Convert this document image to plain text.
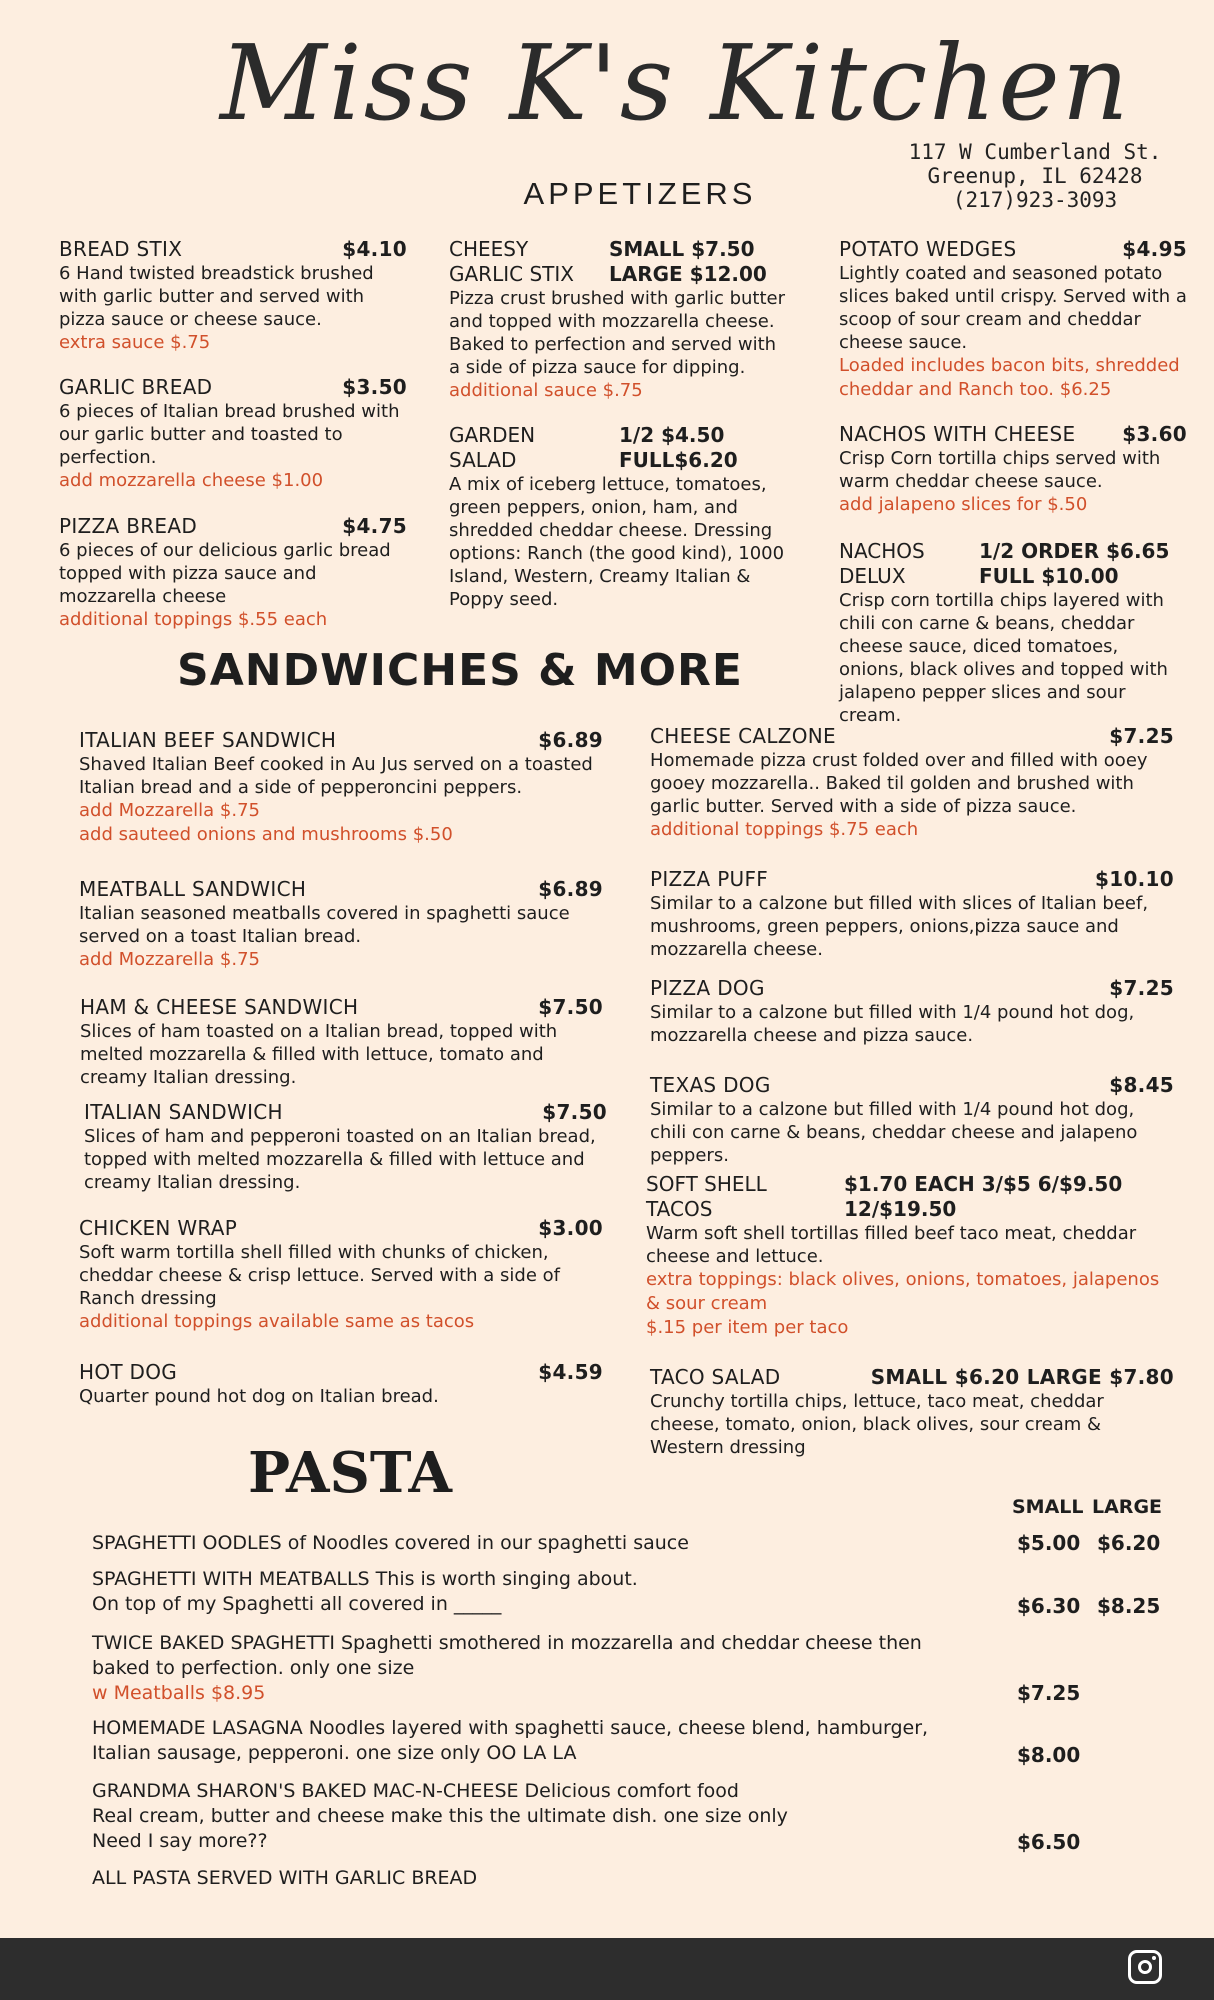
Miss K's Kitchen
117 W Cumberland St.
Greenup, IL 62428
(217)923-3093
APPETIZERS
BREAD STIX	$4.10
6 Hand twisted breadstick brushed with garlic butter and served with pizza sauce or cheese sauce.
extra sauce $.75
GARLIC BREAD	$3.50
6 pieces of Italian bread brushed with our garlic butter and toasted to perfection.
add mozzarella cheese $1.00
PIZZA BREAD	$4.75
6 pieces of our delicious garlic bread topped with pizza sauce and mozzarella cheese
additional toppings $.55 each
CHEESY	SMALL $7.50
GARLIC STIX	LARGE $12.00
Pizza crust brushed with garlic butter and topped with mozzarella cheese. Baked to perfection and served with a side of pizza sauce for dipping.
additional sauce $.75
GARDEN	1/2 $4.50
SALAD	FULL$6.20
A mix of iceberg lettuce, tomatoes, green peppers, onion, ham, and shredded cheddar cheese. Dressing options: Ranch (the good kind), 1000 Island, Western, Creamy Italian & Poppy seed.
POTATO WEDGES	$4.95
Lightly coated and seasoned potato slices baked until crispy. Served with a scoop of sour cream and cheddar cheese sauce.
Loaded includes bacon bits, shredded cheddar and Ranch too. $6.25
NACHOS WITH CHEESE $3.60
Crisp Corn tortilla chips served with warm cheddar cheese sauce.
add jalapeno slices for $.50
NACHOS	1/2 ORDER $6.65
DELUX	FULL $10.00
Crisp corn tortilla chips layered with chili con carne & beans, cheddar cheese sauce, diced tomatoes, onions, black olives and topped with jalapeno pepper slices and sour cream.
SANDWICHES & MORE
ITALIAN BEEF SANDWICH	$6.89
Shaved Italian Beef cooked in Au Jus served on a toasted Italian bread and a side of pepperoncini peppers.
add Mozzarella $.75
add sauteed onions and mushrooms $.50
MEATBALL SANDWICH	$6.89
Italian seasoned meatballs covered in spaghetti sauce served on a toast Italian bread.
add Mozzarella $.75
HAM & CHEESE SANDWICH	$7.50
Slices of ham toasted on a Italian bread, topped with melted mozzarella & filled with lettuce, tomato and creamy Italian dressing.
ITALIAN SANDWICH	$7.50
Slices of ham and pepperoni toasted on an Italian bread, topped with melted mozzarella & filled with lettuce and creamy Italian dressing.
CHICKEN WRAP	$3.00
Soft warm tortilla shell filled with chunks of chicken, cheddar cheese & crisp lettuce. Served with a side of Ranch dressing
additional toppings available same as tacos
HOT DOG	$4.59
Quarter pound hot dog on Italian bread.
CHEESE CALZONE	$7.25
Homemade pizza crust folded over and filled with ooey gooey mozzarella.. Baked til golden and brushed with garlic butter. Served with a side of pizza sauce.
additional toppings $.75 each
PIZZA PUFF	$10.10
Similar to a calzone but filled with slices of Italian beef, mushrooms, green peppers, onions,pizza sauce and mozzarella cheese.
PIZZA DOG	$7.25
Similar to a calzone but filled with 1/4 pound hot dog, mozzarella cheese and pizza sauce.
TEXAS DOG	$8.45
Similar to a calzone but filled with 1/4 pound hot dog, chili con carne & beans, cheddar cheese and jalapeno peppers.
SOFT SHELL	$1.70 EACH 3/$5 6/$9.50
TACOS	12/$19.50
Warm soft shell tortillas filled beef taco meat, cheddar cheese and lettuce.
extra toppings: black olives, onions, tomatoes, jalapenos & sour cream
$.15 per item per taco
TACO SALAD	SMALL $6.20 LARGE $7.80
Crunchy tortilla chips, lettuce, taco meat, cheddar cheese, tomato, onion, black olives, sour cream & Western dressing
PASTA
SMALL LARGE
SPAGHETTI OODLES of Noodles covered in our spaghetti sauce	$5.00 $6.20
SPAGHETTI WITH MEATBALLS This is worth singing about.
On top of my Spaghetti all covered in _____	$6.30 $8.25
TWICE BAKED SPAGHETTI Spaghetti smothered in mozzarella and cheddar cheese then
baked to perfection. only one size
w Meatballs $8.95	$7.25
HOMEMADE LASAGNA Noodles layered with spaghetti sauce, cheese blend, hamburger,
Italian sausage, pepperoni. one size only OO LA LA	$8.00
GRANDMA SHARON'S BAKED MAC-N-CHEESE Delicious comfort food
Real cream, butter and cheese make this the ultimate dish. one size only
Need I say more??	$6.50
ALL PASTA SERVED WITH GARLIC BREAD
